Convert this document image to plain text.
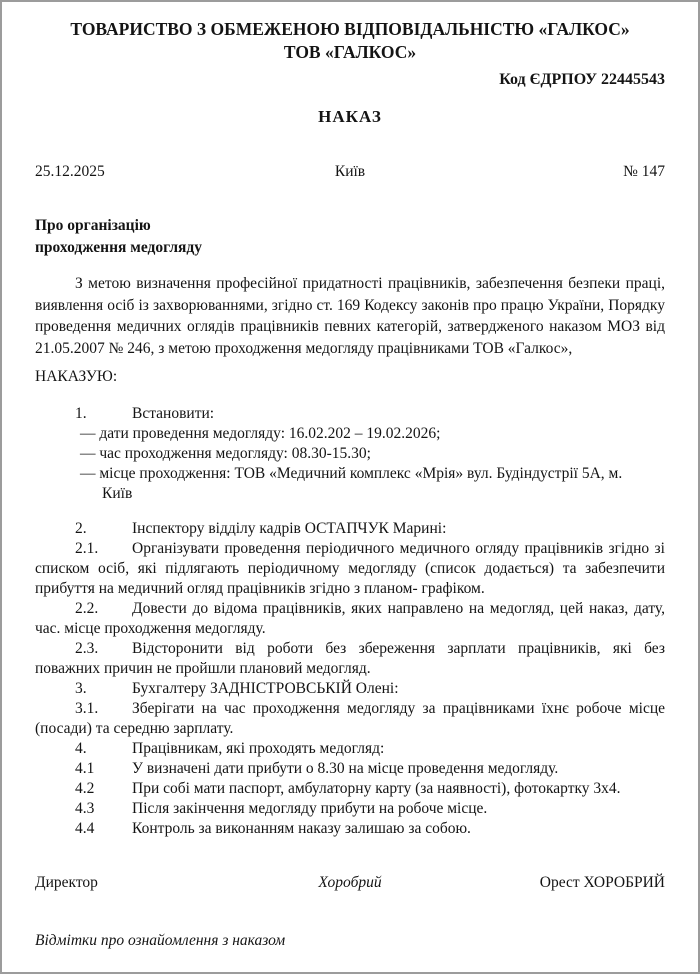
ТОВАРИСТВО З ОБМЕЖЕНОЮ ВІДПОВІДАЛЬНІСТЮ «ГАЛКОС»
ТОВ «ГАЛКОС»
Код ЄДРПОУ 22445543
НАКАЗ
25.12.2025	Київ	№ 147
Про організацію
проходження медогляду

З метою визначення професійної придатності працівників, забезпечення безпеки праці, виявлення осіб із захворюваннями, згідно ст. 169 Кодексу законів про працю України, Порядку проведення медичних оглядів працівників певних категорій, затвердженого наказом МОЗ від 21.05.2007 № 246, з метою проходження медогляду працівниками ТОВ «Галкос»,

НАКАЗУЮ:

1.	Встановити:

— дати проведення медогляду: 16.02.202 – 19.02.2026;

— час проходження медогляду: 08.30-15.30;

— місце проходження: ТОВ «Медичний комплекс «Мрія» вул. Будіндустрії 5А, м.
Київ

2.	Інспектору відділу кадрів ОСТАПЧУК Марині:

2.1. Організувати проведення періодичного медичного огляду працівників згідно зі списком осіб, які підлягають періодичному медогляду (список додається) та забезпечити прибуття на медичний огляд працівників згідно з планом- графіком.

2.2. Довести до відома працівників, яких направлено на медогляд, цей наказ, дату, час. місце проходження медогляду.

2.3. Відсторонити від роботи без збереження зарплати працівників, які без поважних причин не пройшли плановий медогляд.

3.	Бухгалтеру ЗАДНІСТРОВСЬКІЙ Олені:

3.1. Зберігати на час проходження медогляду за працівниками їхнє робоче місце (посади) та середню зарплату.

4.	Працівникам, які проходять медогляд:

4.1 У визначені дати прибути о 8.30 на місце проведення медогляду.

4.2 При собі мати паспорт, амбулаторну карту (за наявності), фотокартку 3х4.

4.3 Після закінчення медогляду прибути на робоче місце.

4.4 Контроль за виконанням наказу залишаю за собою.

Директор	Хоробрий	Орест ХОРОБРИЙ
Відмітки про ознайомлення з наказом
